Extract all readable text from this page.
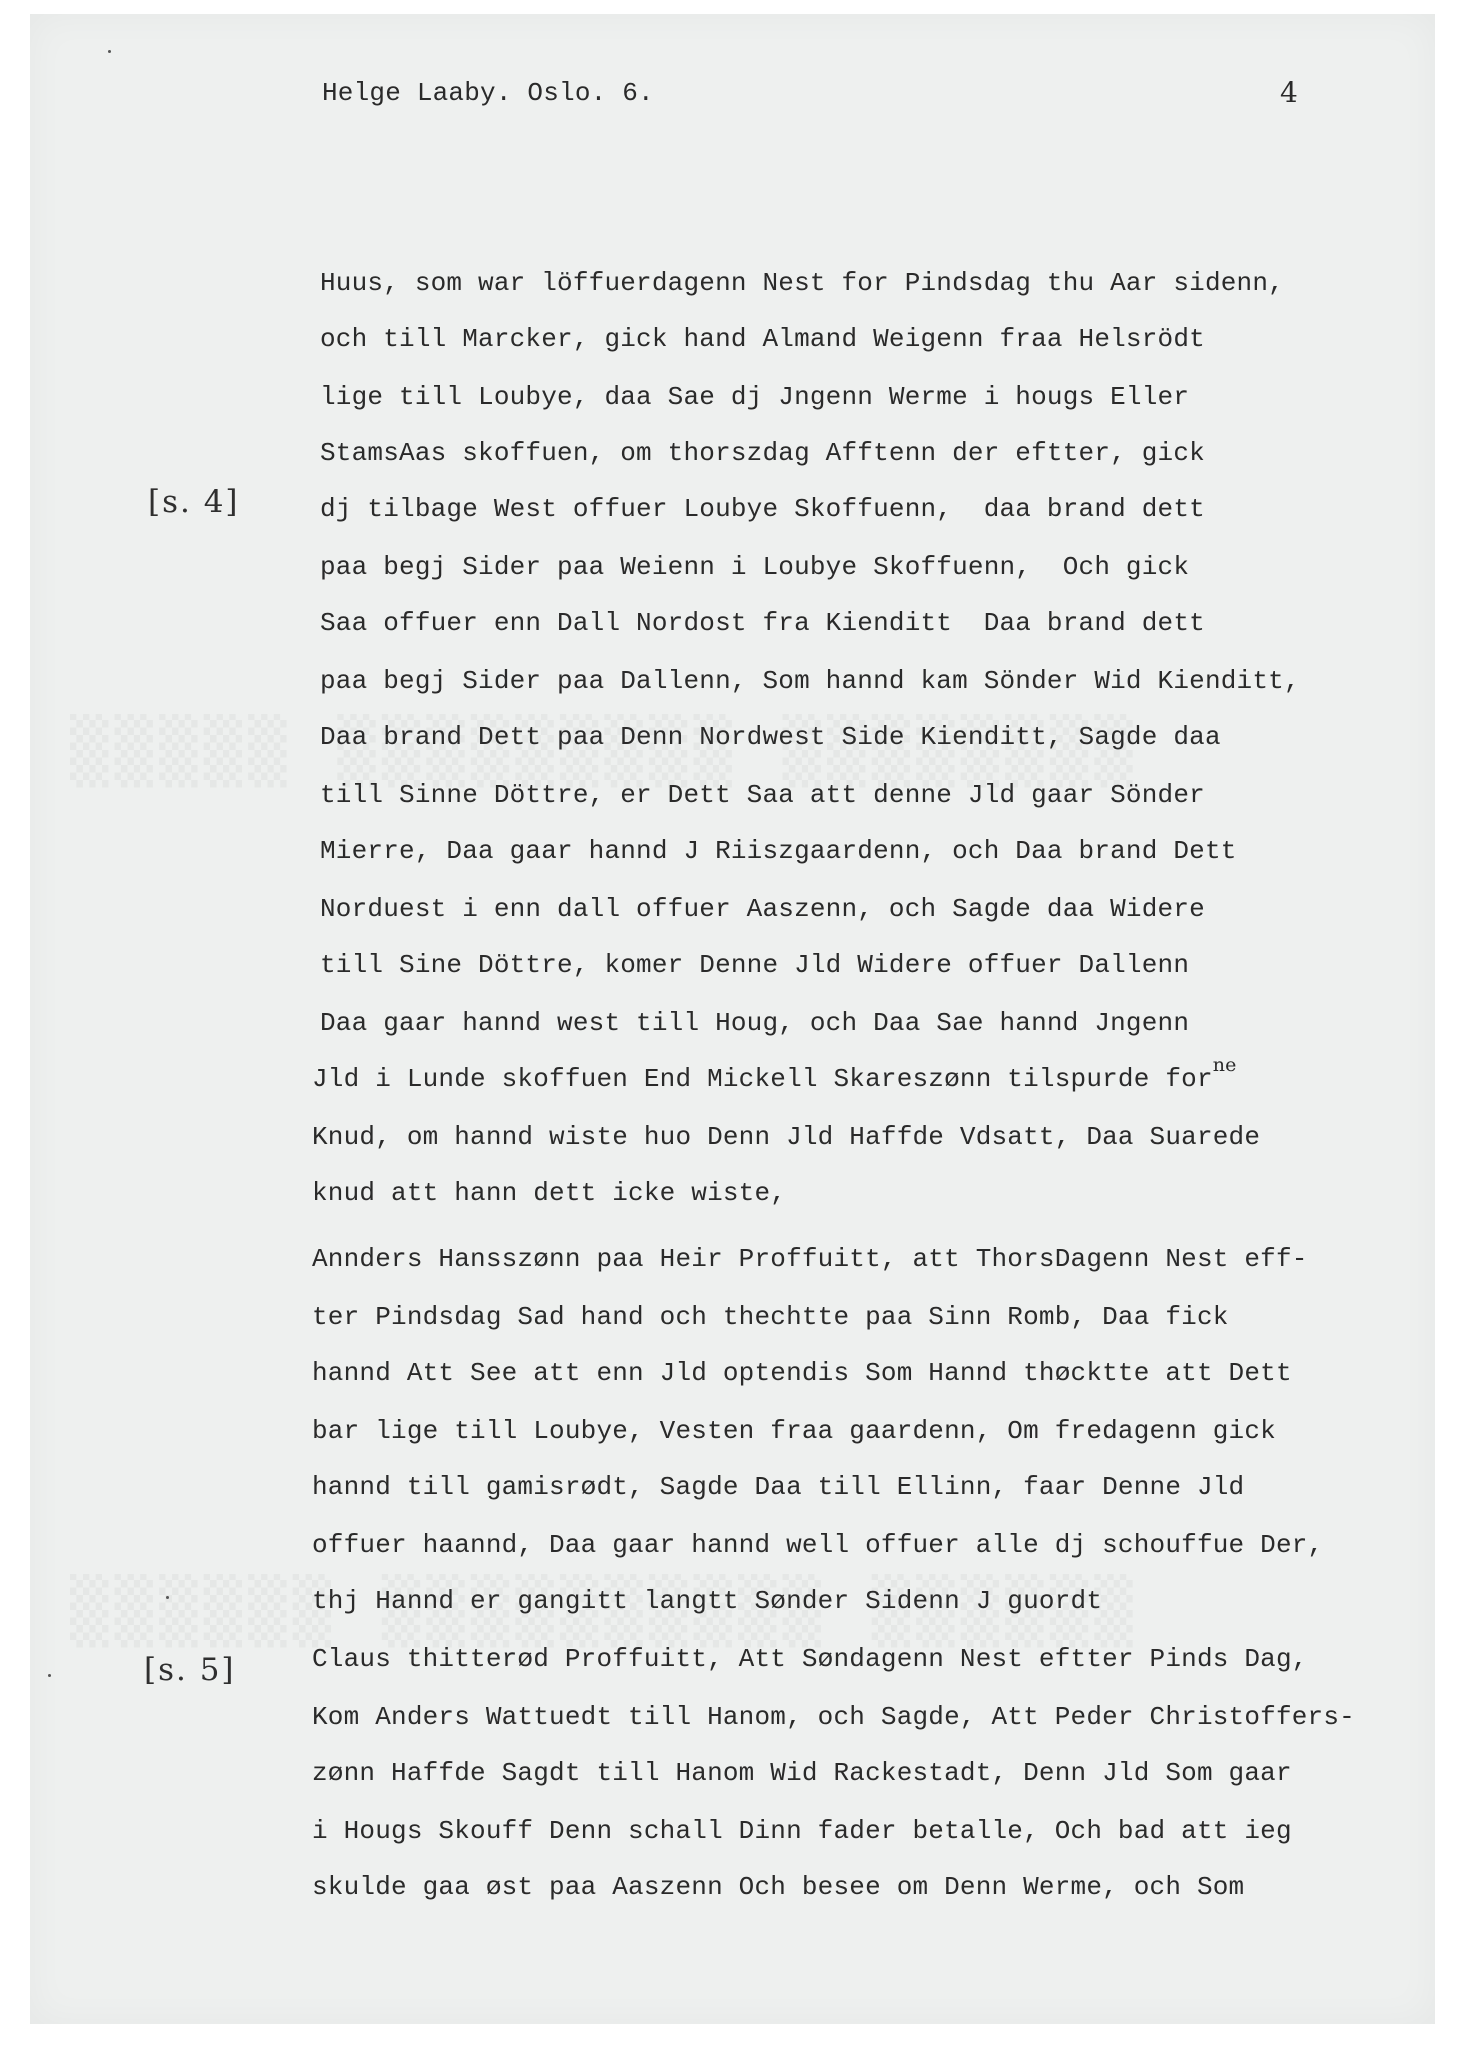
Helge Laaby. Oslo. 6.	4
[s. 4]
[s. 5]
Huus, som war löffuerdagenn Nest for Pindsdag thu Aar sidenn,
och till Marcker, gick hand Almand Weigenn fraa Helsrödt
lige till Loubye, daa Sae dj Jngenn Werme i hougs Eller
StamsAas skoffuen, om thorszdag Afftenn der eftter, gick
dj tilbage West offuer Loubye Skoffuenn,  daa brand dett
paa begj Sider paa Weienn i Loubye Skoffuenn,  Och gick
Saa offuer enn Dall Nordost fra Kienditt  Daa brand dett
paa begj Sider paa Dallenn, Som hannd kam Sönder Wid Kienditt,
Daa brand Dett paa Denn Nordwest Side Kienditt, Sagde daa
till Sinne Döttre, er Dett Saa att denne Jld gaar Sönder
Mierre, Daa gaar hannd J Riiszgaardenn, och Daa brand Dett
Norduest i enn dall offuer Aaszenn, och Sagde daa Widere
till Sine Döttre, komer Denne Jld Widere offuer Dallenn
Daa gaar hannd west till Houg, och Daa Sae hannd Jngenn
Jld i Lunde skoffuen End Mickell Skareszønn tilspurde for$^{ne}$
Knud, om hannd wiste huo Denn Jld Haffde Vdsatt, Daa Suarede
knud att hann dett icke wiste,
Annders Hansszønn paa Heir Proffuitt, att ThorsDagenn Nest eff-
ter Pindsdag Sad hand och thechtte paa Sinn Romb, Daa fick
hannd Att See att enn Jld optendis Som Hannd thøcktte att Dett
bar lige till Loubye, Vesten fraa gaardenn, Om fredagenn gick
hannd till gamisrødt, Sagde Daa till Ellinn, faar Denne Jld
offuer haannd, Daa gaar hannd well offuer alle dj schouffue Der,
thj Hannd er gangitt langtt Sønder Sidenn J guordt
Claus thitterød Proffuitt, Att Søndagenn Nest eftter Pinds Dag,
Kom Anders Wattuedt till Hanom, och Sagde, Att Peder Christoffers-
zønn Haffde Sagdt till Hanom Wid Rackestadt, Denn Jld Som gaar
i Hougs Skouff Denn schall Dinn fader betalle, Och bad att ieg
skulde gaa øst paa Aaszenn Och besee om Denn Werme, och Som
